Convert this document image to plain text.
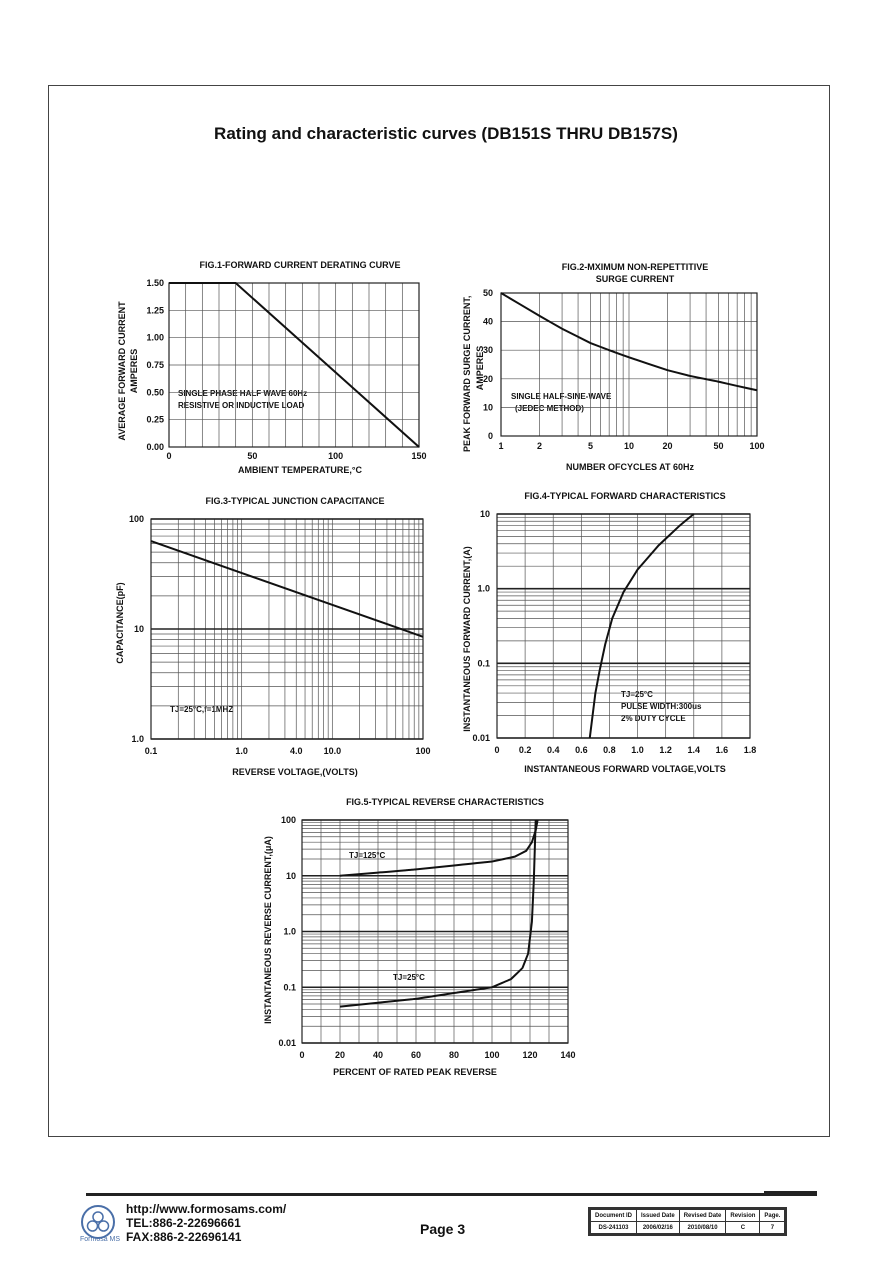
Rating and characteristic curves (DB151S THRU DB157S)
FIG.1-FORWARD CURRENT DERATING CURVE
AVERAGE FORWARD CURRENT AMPERES
AMBIENT TEMPERATURE,°C
SINGLE PHASE HALF WAVE 60Hz
RESISTIVE OR INDUCTIVE LOAD
FIG.2-MXIMUM NON-REPETTITIVE
SURGE CURRENT
PEAK FORWARD SURGE CURRENT, AMPERES
NUMBER OFCYCLES AT 60Hz
SINGLE HALF-SINE-WAVE
(JEDEC METHOD)
FIG.3-TYPICAL JUNCTION CAPACITANCE
CAPACITANCE(pF)
REVERSE VOLTAGE,(VOLTS)
TJ=25°C,f=1MHZ
FIG.4-TYPICAL FORWARD CHARACTERISTICS
INSTANTANEOUS FORWARD CURRENT,(A)
INSTANTANEOUS FORWARD VOLTAGE,VOLTS
TJ=25°C
PULSE WIDTH:300us
2% DUTY CYCLE
FIG.5-TYPICAL REVERSE CHARACTERISTICS
INSTANTANEOUS REVERSE CURRENT,(μA)
PERCENT OF RATED PEAK REVERSE
TJ=125°C
TJ=25°C
0	50	100	150
0.00
0.25
0.50
0.75
1.00
1.25
1.50
1	2	5	10	20	50	100
0
10
20
30
40
50
0.1	1.0	4.0 10.0	100
1.0
10
100
0 0.2 0.4 0.6 0.8 1.0 1.2 1.4 1.6 1.8
0.01
0.1
1.0
10
0	20	40	60	80	100	120	140
0.01
0.1
1.0
10
100
Formosa MS
http://www.formosams.com/
TEL:886-2-22696661
FAX:886-2-22696141	Page 3
Document ID	Issued Date	Revised Date	Revision	Page.
DS-241103	2006/02/16	2010/08/10	C	7
